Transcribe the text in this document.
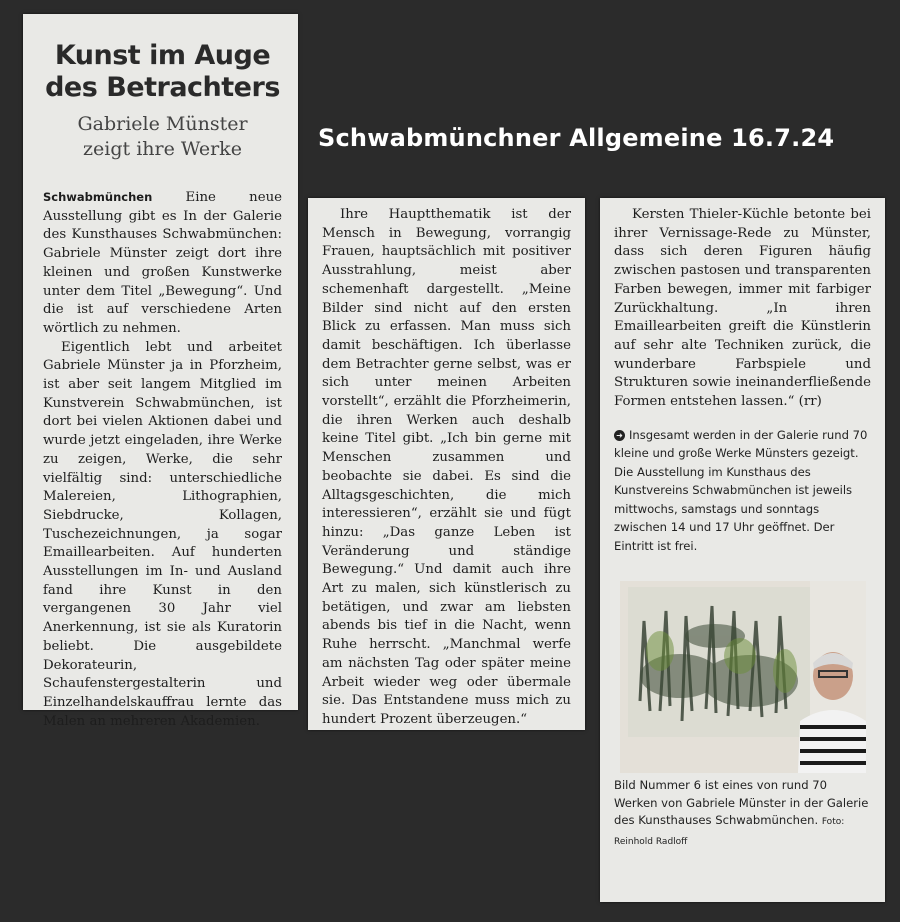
Schwabmünchner Allgemeine 16.7.24
Kunst im Auge
des Betrachters
Gabriele Münster
zeigt ihre Werke

Schwabmünchen	Eine neue Ausstellung gibt es In der Galerie des Kunsthauses Schwabmünchen: Gabriele Münster zeigt dort ihre kleinen und großen Kunstwerke unter dem Titel „Bewegung“. Und die ist auf verschiedene Arten wörtlich zu nehmen.

Eigentlich lebt und arbeitet Gabriele Münster ja in Pforzheim, ist aber seit langem Mitglied im Kunstverein Schwabmünchen, ist dort bei vielen Aktionen dabei und wurde jetzt eingeladen, ihre Werke zu zeigen, Werke, die sehr vielfältig sind: unterschiedliche Malereien, Lithographien, Siebdrucke, Kollagen, Tuschezeichnungen, ja sogar Emaillearbeiten. Auf hunderten Ausstellungen im In- und Ausland fand ihre Kunst in den vergangenen 30 Jahr viel Anerkennung, ist sie als Kuratorin beliebt. Die ausgebildete Dekorateurin, Schaufenstergestalterin und Einzelhandelskauffrau lernte das Malen an mehreren Akademien.

Ihre Hauptthematik ist der Mensch in Bewegung, vorrangig Frauen, hauptsächlich mit positiver Ausstrahlung, meist aber schemenhaft dargestellt. „Meine Bilder sind nicht auf den ersten Blick zu erfassen. Man muss sich damit beschäftigen. Ich überlasse dem Betrachter gerne selbst, was er sich unter meinen Arbeiten vorstellt“, erzählt die Pforzheimerin, die ihren Werken auch deshalb keine Titel gibt. „Ich bin gerne mit Menschen zusammen und beobachte sie dabei. Es sind die Alltagsgeschichten, die mich interessieren“, erzählt sie und fügt hinzu: „Das ganze Leben ist Veränderung und ständige Bewegung.“ Und damit auch ihre Art zu malen, sich künstlerisch zu betätigen, und zwar am liebsten abends bis tief in die Nacht, wenn Ruhe herrscht. „Manchmal werfe am nächsten Tag oder später meine Arbeit wieder weg oder übermale sie. Das Entstandene muss mich zu hundert Prozent überzeugen.“

Kersten Thieler-Küchle betonte bei ihrer Vernissage-Rede zu Münster, dass sich deren Figuren häufig zwischen pastosen und transparenten Farben bewegen, immer mit farbiger Zurückhaltung. „In ihren Emaillearbeiten greift die Künstlerin auf sehr alte Techniken zurück, die wunderbare Farbspiele und Strukturen sowie ineinanderfließende Formen entstehen lassen.“ (rr)

➜ Insgesamt werden in der Galerie rund 70 kleine und große Werke Münsters gezeigt. Die Ausstellung im Kunsthaus des Kunstvereins Schwabmünchen ist jeweils mittwochs, samstags und sonntags zwischen 14 und 17 Uhr geöffnet. Der Eintritt ist frei.
Bild Nummer 6 ist eines von rund 70 Werken von Gabriele Münster in der Galerie des Kunsthauses Schwabmünchen. Foto: Reinhold Radloff
